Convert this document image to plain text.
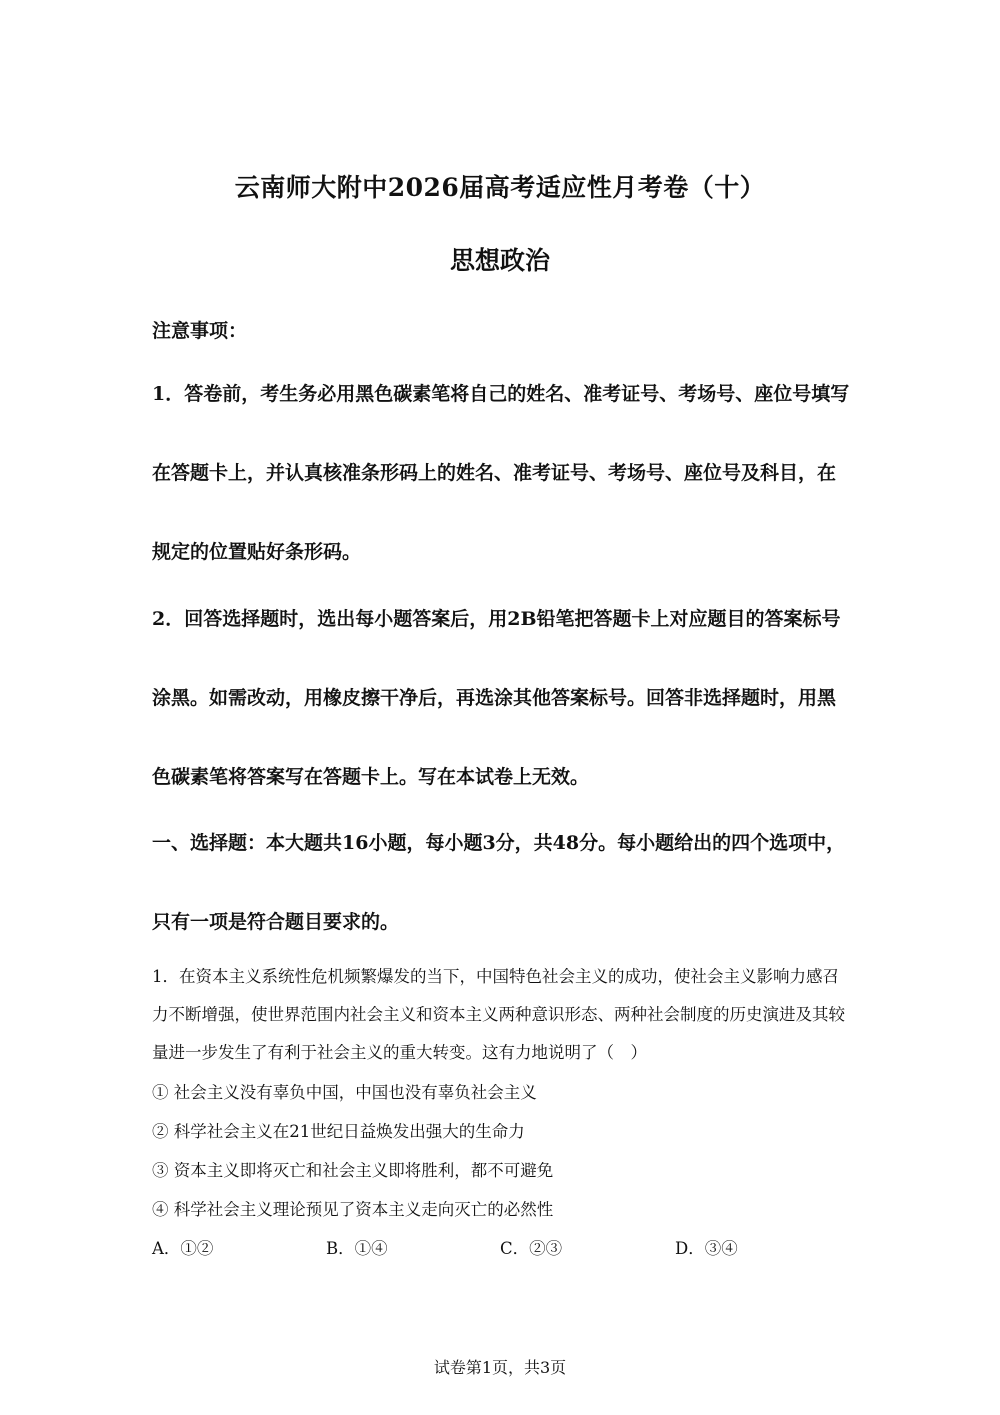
云南师大附中2026届高考适应性月考卷（十）
思想政治
注意事项：
1．答卷前，考生务必用黑色碳素笔将自己的姓名、准考证号、考场号、座位号填写在答题卡上，并认真核准条形码上的姓名、准考证号、考场号、座位号及科目，在规定的位置贴好条形码。
2．回答选择题时，选出每小题答案后，用2B铅笔把答题卡上对应题目的答案标号涂黑。如需改动，用橡皮擦干净后，再选涂其他答案标号。回答非选择题时，用黑色碳素笔将答案写在答题卡上。写在本试卷上无效。
一、选择题：本大题共16小题，每小题3分，共48分。每小题给出的四个选项中，只有一项是符合题目要求的。
1．在资本主义系统性危机频繁爆发的当下，中国特色社会主义的成功，使社会主义影响力感召力不断增强，使世界范围内社会主义和资本主义两种意识形态、两种社会制度的历史演进及其较量进一步发生了有利于社会主义的重大转变。这有力地说明了（　）
① 社会主义没有辜负中国，中国也没有辜负社会主义
② 科学社会主义在21世纪日益焕发出强大的生命力
③ 资本主义即将灭亡和社会主义即将胜利，都不可避免
④ 科学社会主义理论预见了资本主义走向灭亡的必然性
A．①②	B．①④	C．②③	D．③④
试卷第1页，共3页
